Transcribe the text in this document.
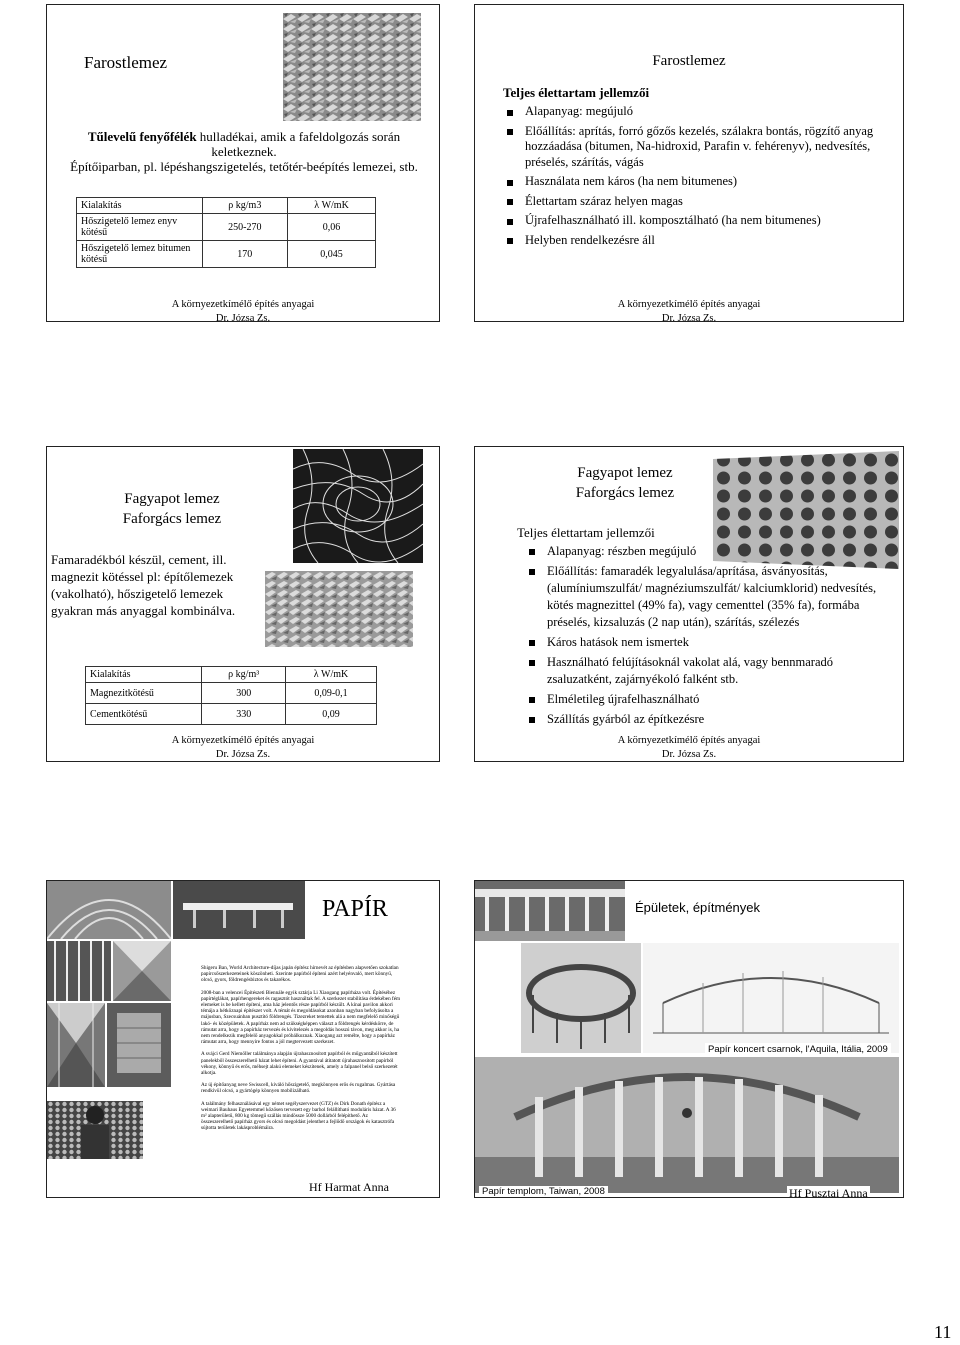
Farostlemez
Tűlevelű fenyőfélék hulladékai, amik a fafeldolgozás során keletkeznek.
Építőiparban, pl. lépéshangszigetelés, tetőtér-beépítés lemezei, stb.
Kialakítás	ρ kg/m3	λ W/mK
Hőszigetelő lemez enyv kötésű	250-270	0,06
Hőszigetelő lemez bitumen kötésű	170	0,045
A környezetkímélő építés anyagai
Dr. Józsa Zs.
Farostlemez
Teljes élettartam jellemzői
Alapanyag: megújuló
Előállítás: aprítás, forró gőzős kezelés, szálakra bontás, rögzítő anyag hozzáadása (bitumen, Na-hidroxid, Parafin v. fehérenyv), nedvesítés, préselés, szárítás, vágás
Használata nem káros (ha nem bitumenes)
Élettartam száraz helyen magas
Újrafelhasználható ill. komposztálható (ha nem bitumenes)
Helyben rendelkezésre áll
A környezetkímélő építés anyagai
Dr. Józsa Zs.
Fagyapot lemez
Faforgács lemez
Famaradékból készül, cement, ill. magnezit kötéssel pl: építőlemezek (vakolható), hőszigetelő lemezek gyakran más anyaggal kombinálva.
Kialakítás	ρ kg/m³	λ W/mK
Magnezitkötésű	300	0,09-0,1
Cementkötésű	330	0,09
A környezetkímélő építés anyagai
Dr. Józsa Zs.
Fagyapot lemez
Faforgács lemez
Teljes élettartam jellemzői
Alapanyag: részben megújuló
Előállítás: famaradék legyalulása/aprítása, ásványosítás, (alumíniumszulfát/ magnéziumszulfát/ kalciumklorid) nedvesítés, kötés magnezittel (49% fa), vagy cementtel (35% fa), formába préselés, kizsaluzás (2 nap után), szárítás, szélezés
Káros hatások nem ismertek
Használható felújításoknál vakolat alá, vagy bennmaradó zsaluzatként, zajárnyékoló falként stb.
Elméletileg újrafelhasználható
Szállítás gyárból az építkezésre
A környezetkímélő építés anyagai
Dr. Józsa Zs.
PAPÍR

Shigeru Ban, World Architecture-díjas japán építész hírnevét az építésben alapvetően szokatlan papírcsőszerkezeteinek köszönheti. Szerinte papírból építeni azért helyénvaló, mert könnyű, olcsó, gyors, földrengésbiztos és takarékos.

2008-ban a velencei Építészeti Biennále egyik sztárja Li Xiaogang papírháza volt. Építéséhez papírtéglákat, papírhengereket és ragasztót használtak fel. A szerkezet stabilitása érdekében fém elemeket is be kellett építeni, ama ház jelentős része papírból készült. A kínai pavilon akkori témája a hétköznapi építészet volt. A témát és megoldásokat azonban nagyban befolyásolta a májusban, Szecsuánban pusztító földrengés. Tizezreket temettek alá a nem megfelelő minőségű lakó- és középületek. A papírház nem ad szükségképpen választ a földrengés kérdéskörre, de rámutat arra, hogy a papírház tervezés és kivitelezés a megoldás hosszú távon, meg akkor is, ha nem rendelkezik megfelelő anyagokkal próbálkoznak. Xiaogang azt remélte, hogy a papírház rámutat arra, hogy mennyire fontos a jól megtervezett szerkezet.

A svájci Gerd Niemöller találmánya alapján újrahasznosított papírból és műgyantából készített panelekből összeszerelhető házat lehet építeni. A gyantával átitatott újrahasznosított papírból vékony, könnyű és erős, méhsejt alakú elemeket készítenek, amely a falpanel belső szerkezetét alkotja.

Az új építőanyag neve Swisscell, kiváló hőszigetelő, megkönnyen erős és rugalmas. Gyártása rendkívül olcsó, a gyártógép könnyen mobilizálható.

A találmány felhasználásával egy német segélyszervezet (GTZ) és Dirk Donath építész a weimari Bauhaus Egyetemmel közösen tervezett egy barhol felállítható moduláris házat. A 36 m² alapterületű, 800 kg tömegű szállás mindössze 5000 dollárból felépíthető. Az összeszerelhető papírház gyors és olcsó megoldást jelenthet a fejlődő országok és katasztrófa sújtotta területek lakásproblémáira.

Hf Harmat Anna
Épületek, építmények
Papír koncert csarnok, l'Aquila, Itália, 2009
Papír templom, Taiwan, 2008	Hf Pusztai Anna
11
